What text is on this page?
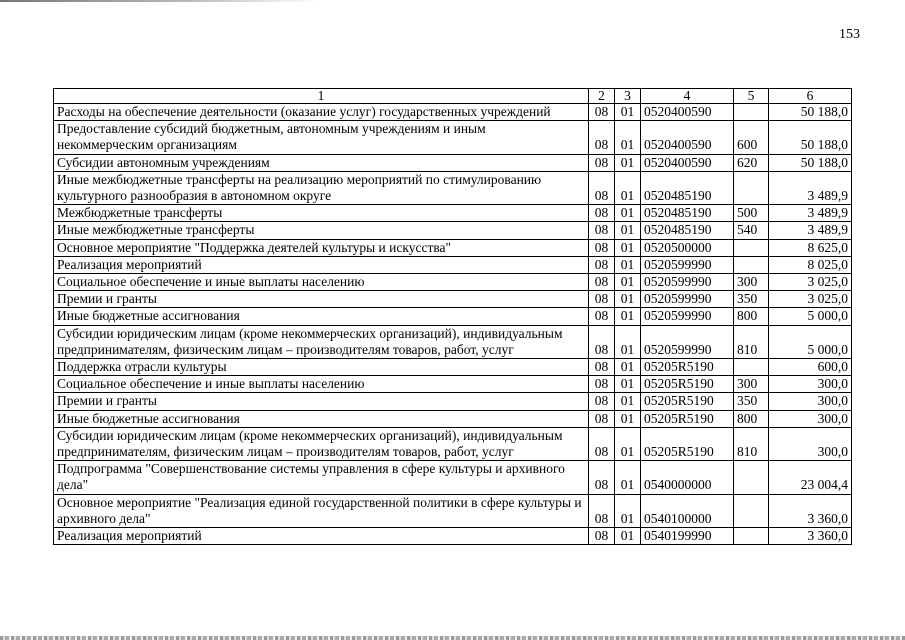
153
1	2	3	4	5	6
Расходы на обеспечение деятельности (оказание услуг) государственных учреждений	08	01	0520400590		50 188,0
Предоставление субсидий бюджетным, автономным учреждениям и иным некоммерческим организациям	08	01	0520400590	600	50 188,0
Субсидии автономным учреждениям	08	01	0520400590	620	50 188,0
Иные межбюджетные трансферты на реализацию мероприятий по стимулированию культурного разнообразия в автономном округе	08	01	0520485190		3 489,9
Межбюджетные трансферты	08	01	0520485190	500	3 489,9
Иные межбюджетные трансферты	08	01	0520485190	540	3 489,9
Основное мероприятие "Поддержка деятелей культуры и искусства"	08	01	0520500000		8 625,0
Реализация мероприятий	08	01	0520599990		8 025,0
Социальное обеспечение и иные выплаты населению	08	01	0520599990	300	3 025,0
Премии и гранты	08	01	0520599990	350	3 025,0
Иные бюджетные ассигнования	08	01	0520599990	800	5 000,0
Субсидии юридическим лицам (кроме некоммерческих организаций), индивидуальным предпринимателям, физическим лицам – производителям товаров, работ, услуг	08	01	0520599990	810	5 000,0
Поддержка отрасли культуры	08	01	05205R5190		600,0
Социальное обеспечение и иные выплаты населению	08	01	05205R5190	300	300,0
Премии и гранты	08	01	05205R5190	350	300,0
Иные бюджетные ассигнования	08	01	05205R5190	800	300,0
Субсидии юридическим лицам (кроме некоммерческих организаций), индивидуальным предпринимателям, физическим лицам – производителям товаров, работ, услуг	08	01	05205R5190	810	300,0
Подпрограмма "Совершенствование системы управления в сфере культуры и архивного дела"	08	01	0540000000		23 004,4
Основное мероприятие "Реализация единой государственной политики в сфере культуры и архивного дела"	08	01	0540100000		3 360,0
Реализация мероприятий	08	01	0540199990		3 360,0
